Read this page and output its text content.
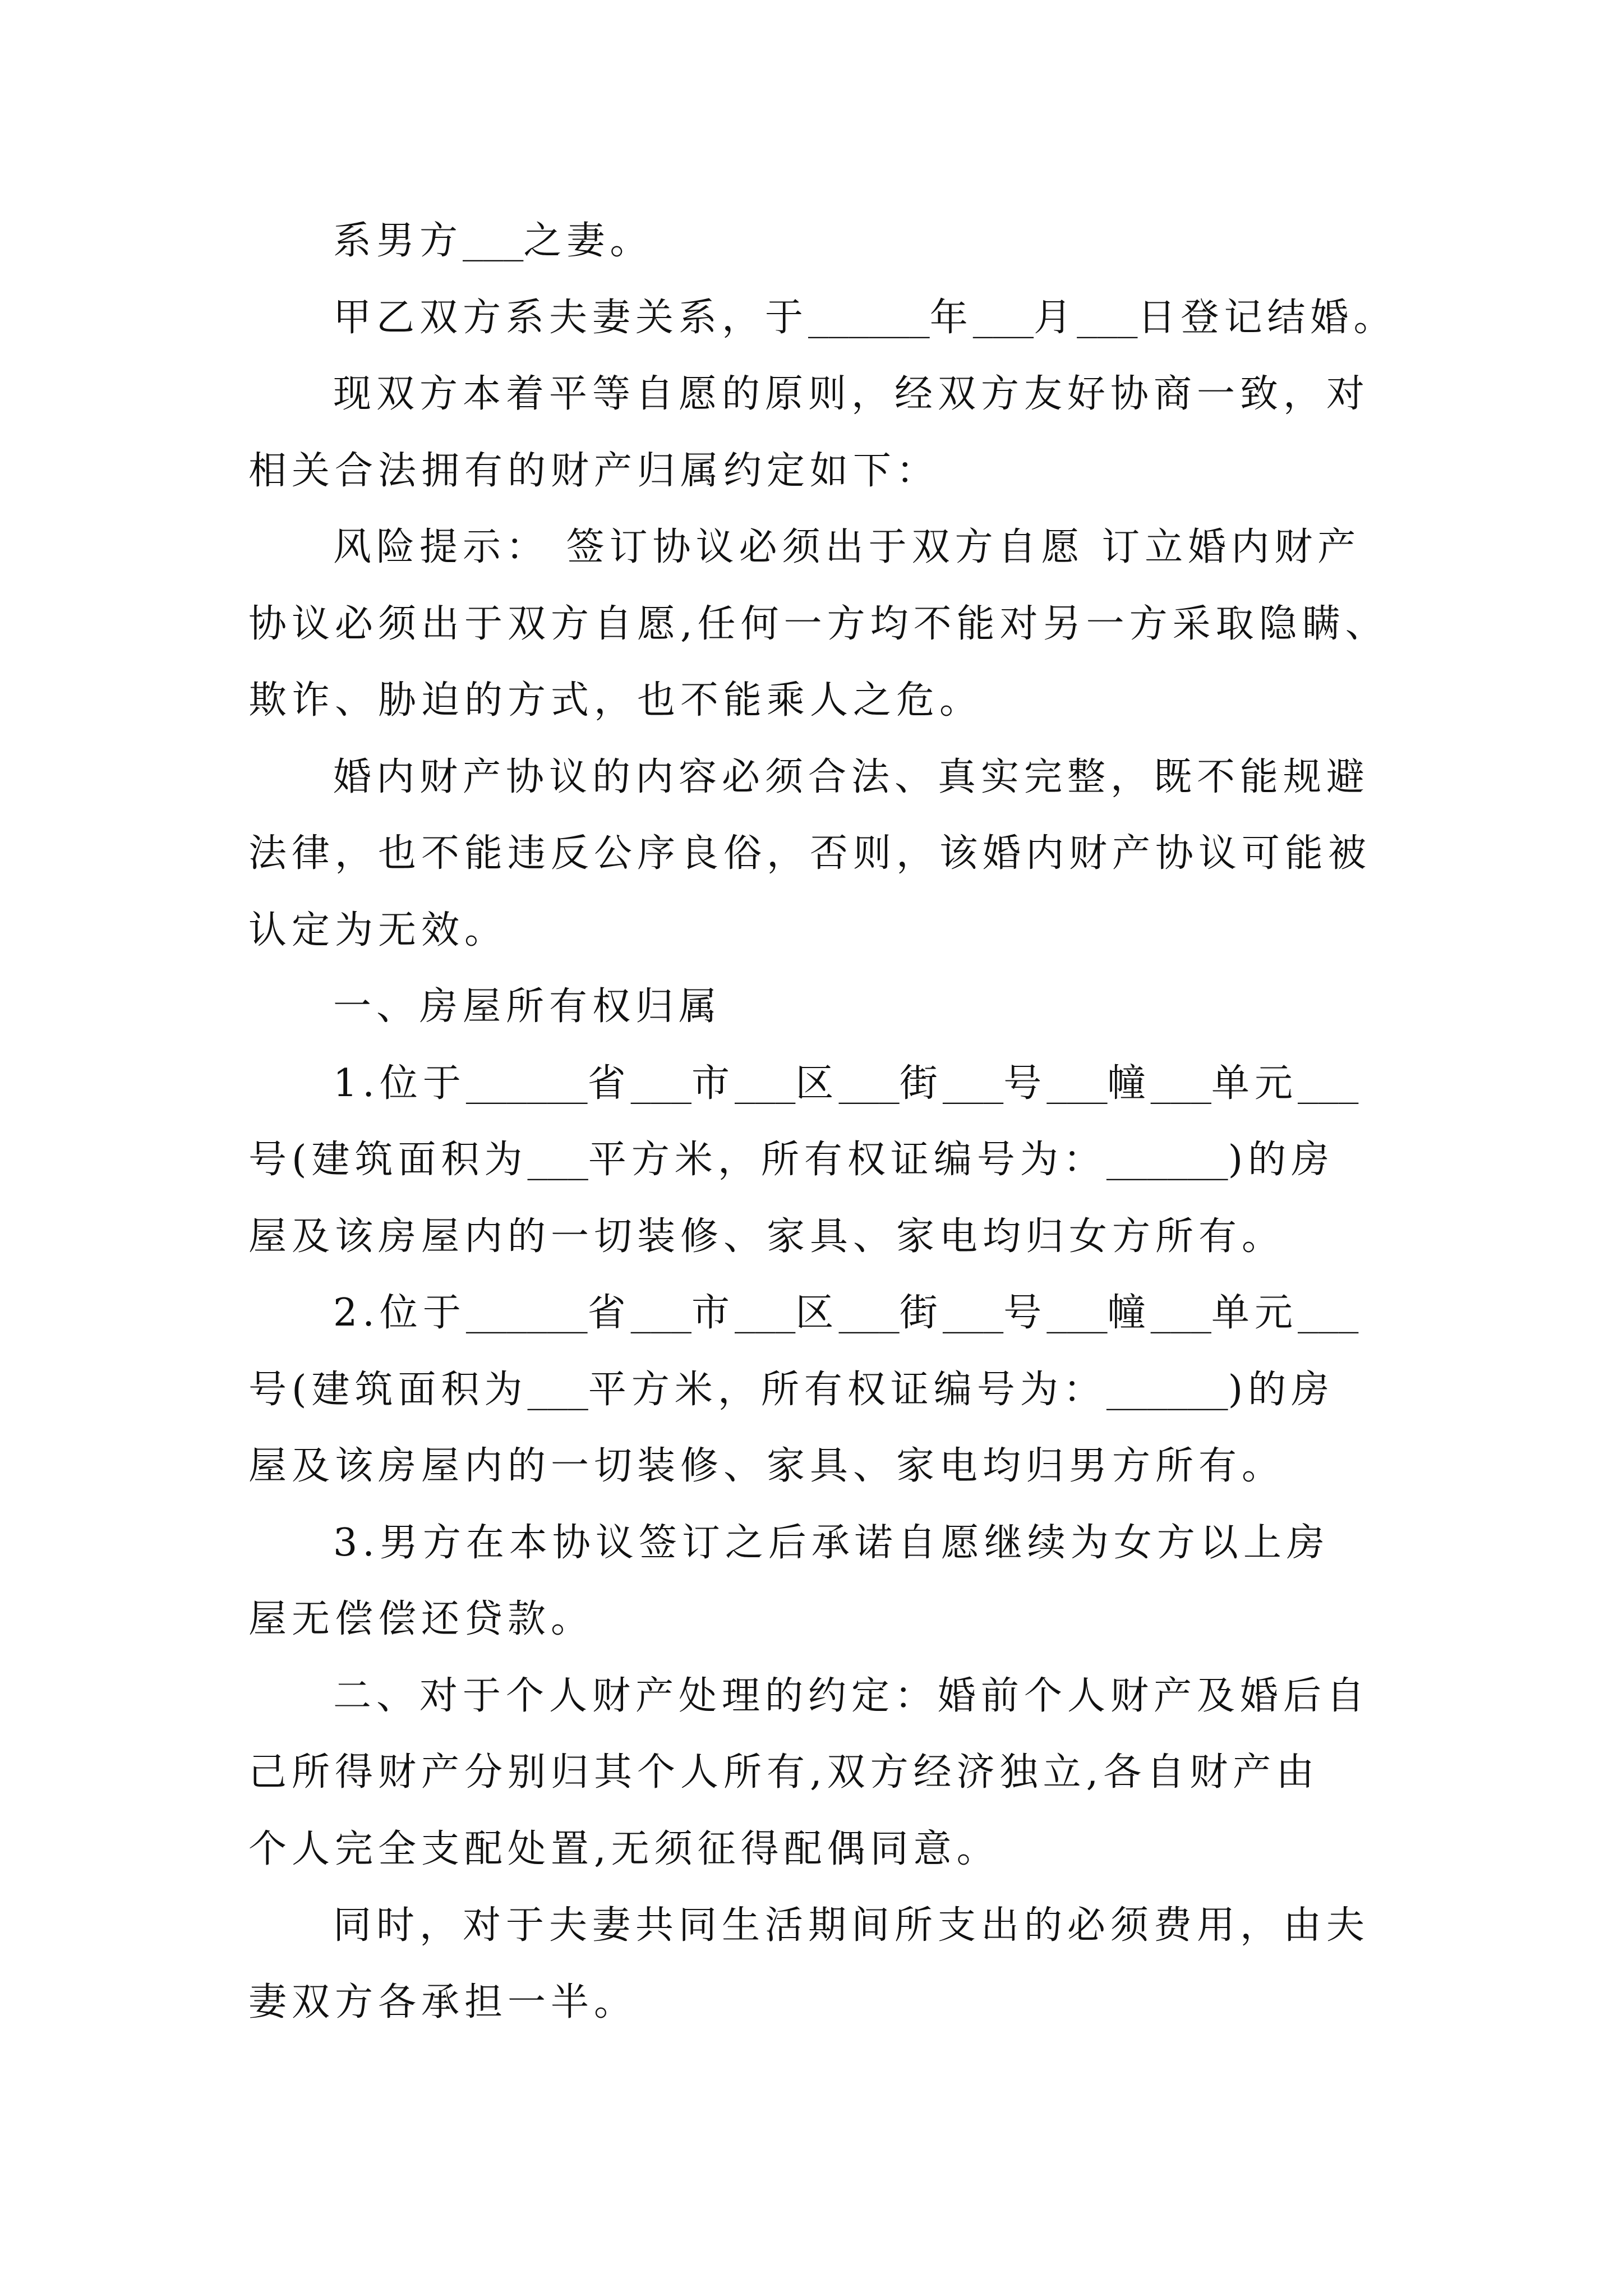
系男方___之妻。
甲乙双方系夫妻关系，于______年___月___日登记结婚。
现双方本着平等自愿的原则，经双方友好协商一致，对
相关合法拥有的财产归属约定如下：
风险提示： 签订协议必须出于双方自愿 订立婚内财产
协议必须出于双方自愿,任何一方均不能对另一方采取隐瞒、
欺诈、胁迫的方式，也不能乘人之危。
婚内财产协议的内容必须合法、真实完整，既不能规避
法律，也不能违反公序良俗，否则，该婚内财产协议可能被
认定为无效。
一、房屋所有权归属
1.位于______省___市___区___街___号___幢___单元___
号(建筑面积为___平方米，所有权证编号为：______)的房
屋及该房屋内的一切装修、家具、家电均归女方所有。
2.位于______省___市___区___街___号___幢___单元___
号(建筑面积为___平方米，所有权证编号为：______)的房
屋及该房屋内的一切装修、家具、家电均归男方所有。
3.男方在本协议签订之后承诺自愿继续为女方以上房
屋无偿偿还贷款。
二、对于个人财产处理的约定：婚前个人财产及婚后自
己所得财产分别归其个人所有,双方经济独立,各自财产由
个人完全支配处置,无须征得配偶同意。
同时，对于夫妻共同生活期间所支出的必须费用，由夫
妻双方各承担一半。
